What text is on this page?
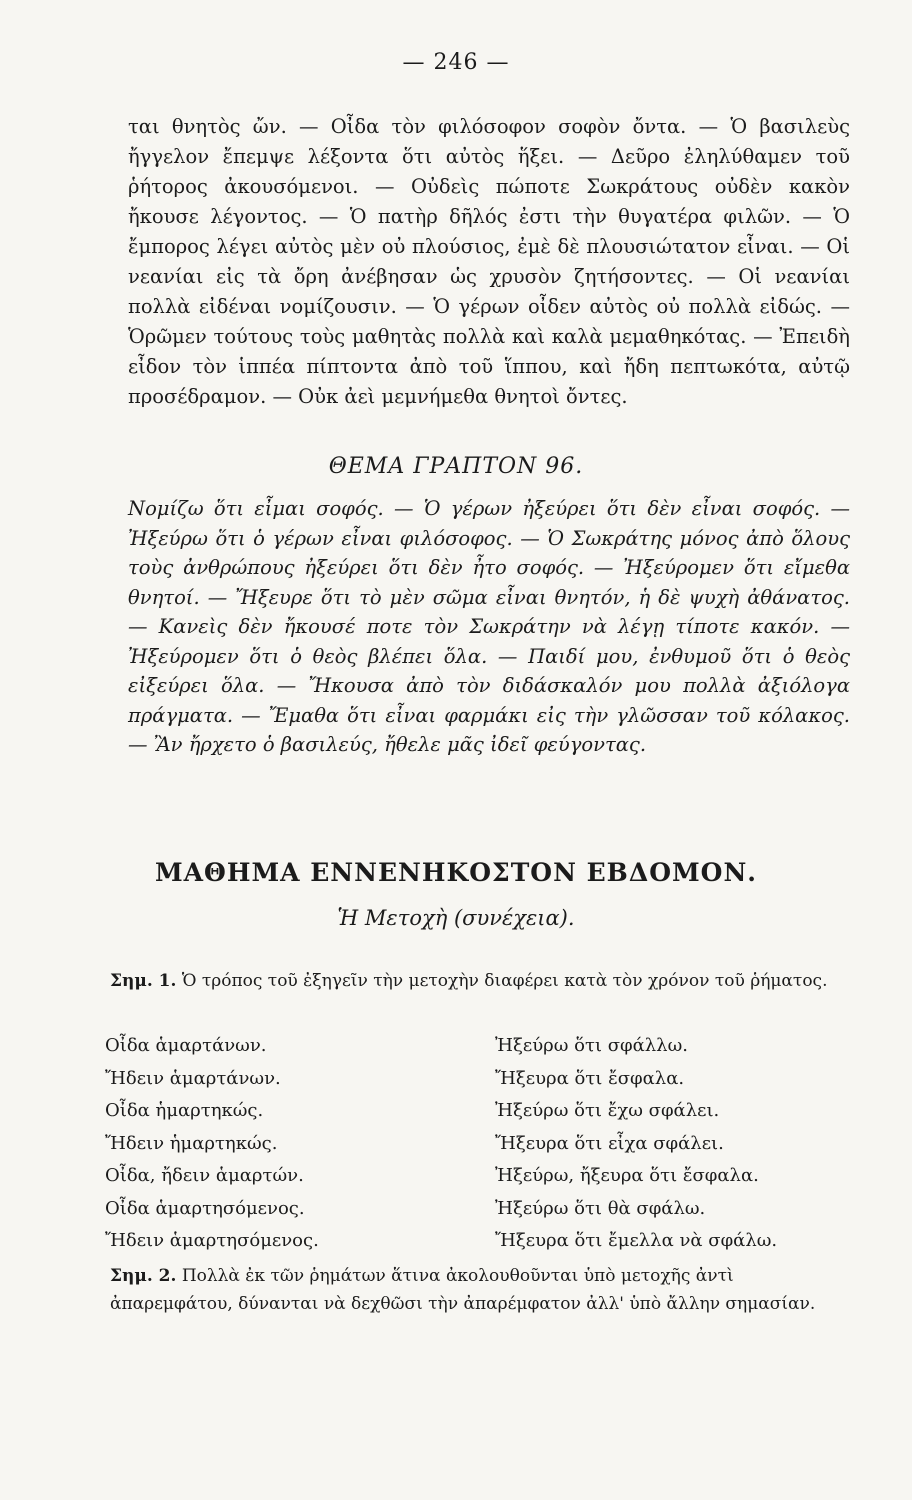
— 246 —

ται θνητὸς ὤν. — Οἶδα τὸν φιλόσοφον σοφὸν ὄντα. — Ὁ βασιλεὺς ἤγγελον ἔπεμψε λέξοντα ὅτι αὐτὸς ἥξει. — Δεῦρο ἐληλύθαμεν τοῦ ῥήτορος ἀκουσόμενοι. — Οὐδεὶς πώποτε Σωκράτους οὐδὲν κακὸν ἤκουσε λέγοντος. — Ὁ πατὴρ δῆλός ἐστι τὴν θυγατέρα φιλῶν. — Ὁ ἔμπορος λέγει αὐτὸς μὲν οὐ πλούσιος, ἐμὲ δὲ πλουσιώτατον εἶναι. — Οἱ νεανίαι εἰς τὰ ὄρη ἀνέβησαν ὡς χρυσὸν ζητήσοντες. — Οἱ νεανίαι πολλὰ εἰδέναι νομίζουσιν. — Ὁ γέρων οἶδεν αὐτὸς οὐ πολλὰ εἰδώς. — Ὁρῶμεν τούτους τοὺς μαθητὰς πολλὰ καὶ καλὰ μεμαθηκότας. — Ἐπειδὴ εἶδον τὸν ἱππέα πίπτοντα ἀπὸ τοῦ ἵππου, καὶ ἤδη πεπτωκότα, αὐτῷ προσέδραμον. — Οὐκ ἀεὶ μεμνήμεθα θνητοὶ ὄντες.

ΘΕΜΑ ΓΡΑΠΤΟΝ 96.

Νομίζω ὅτι εἶμαι σοφός. — Ὁ γέρων ἠξεύρει ὅτι δὲν εἶναι σοφός. — Ἠξεύρω ὅτι ὁ γέρων εἶναι φιλόσοφος. — Ὁ Σωκράτης μόνος ἀπὸ ὅλους τοὺς ἀνθρώπους ἠξεύρει ὅτι δὲν ἦτο σοφός. — Ἠξεύρομεν ὅτι εἴμεθα θνητοί. — Ἤξευρε ὅτι τὸ μὲν σῶμα εἶναι θνητόν, ἡ δὲ ψυχὴ ἀθάνατος. — Κανεὶς δὲν ἤκουσέ ποτε τὸν Σωκράτην νὰ λέγῃ τίποτε κακόν. — Ἠξεύρομεν ὅτι ὁ θεὸς βλέπει ὅλα. — Παιδί μου, ἐνθυμοῦ ὅτι ὁ θεὸς εἰξεύρει ὅλα. — Ἤκουσα ἀπὸ τὸν διδάσκαλόν μου πολλὰ ἀξιόλογα πράγματα. — Ἔμαθα ὅτι εἶναι φαρμάκι εἰς τὴν γλῶσσαν τοῦ κόλακος. — Ἂν ἤρχετο ὁ βασιλεύς, ἤθελε μᾶς ἰδεῖ φεύγοντας.

ΜΑΘΗΜΑ ΕΝΝΕΝΗΚΟΣΤΟΝ ΕΒΔΟΜΟΝ.
Ἡ Μετοχὴ (συνέχεια).

Σημ. 1. Ὁ τρόπος τοῦ ἐξηγεῖν τὴν μετοχὴν διαφέρει κατὰ τὸν χρόνον τοῦ ῥήματος.

Οἶδα ἁμαρτάνων.
Ἤδειν ἁμαρτάνων.
Οἶδα ἡμαρτηκώς.
Ἤδειν ἡμαρτηκώς.
Οἶδα, ἤδειν ἁμαρτών.
Οἶδα ἁμαρτησόμενος.
Ἤδειν ἁμαρτησόμενος.
Ἠξεύρω ὅτι σφάλλω.
Ἤξευρα ὅτι ἔσφαλα.
Ἠξεύρω ὅτι ἔχω σφάλει.
Ἤξευρα ὅτι εἶχα σφάλει.
Ἠξεύρω, ἤξευρα ὅτι ἔσφαλα.
Ἠξεύρω ὅτι θὰ σφάλω.
Ἤξευρα ὅτι ἔμελλα νὰ σφάλω.

Σημ. 2. Πολλὰ ἐκ τῶν ῥημάτων ἅτινα ἀκολουθοῦνται ὑπὸ μετοχῆς ἀντὶ ἀπαρεμφάτου, δύνανται νὰ δεχθῶσι τὴν ἀπαρέμφατον ἀλλ' ὑπὸ ἄλλην σημασίαν.
